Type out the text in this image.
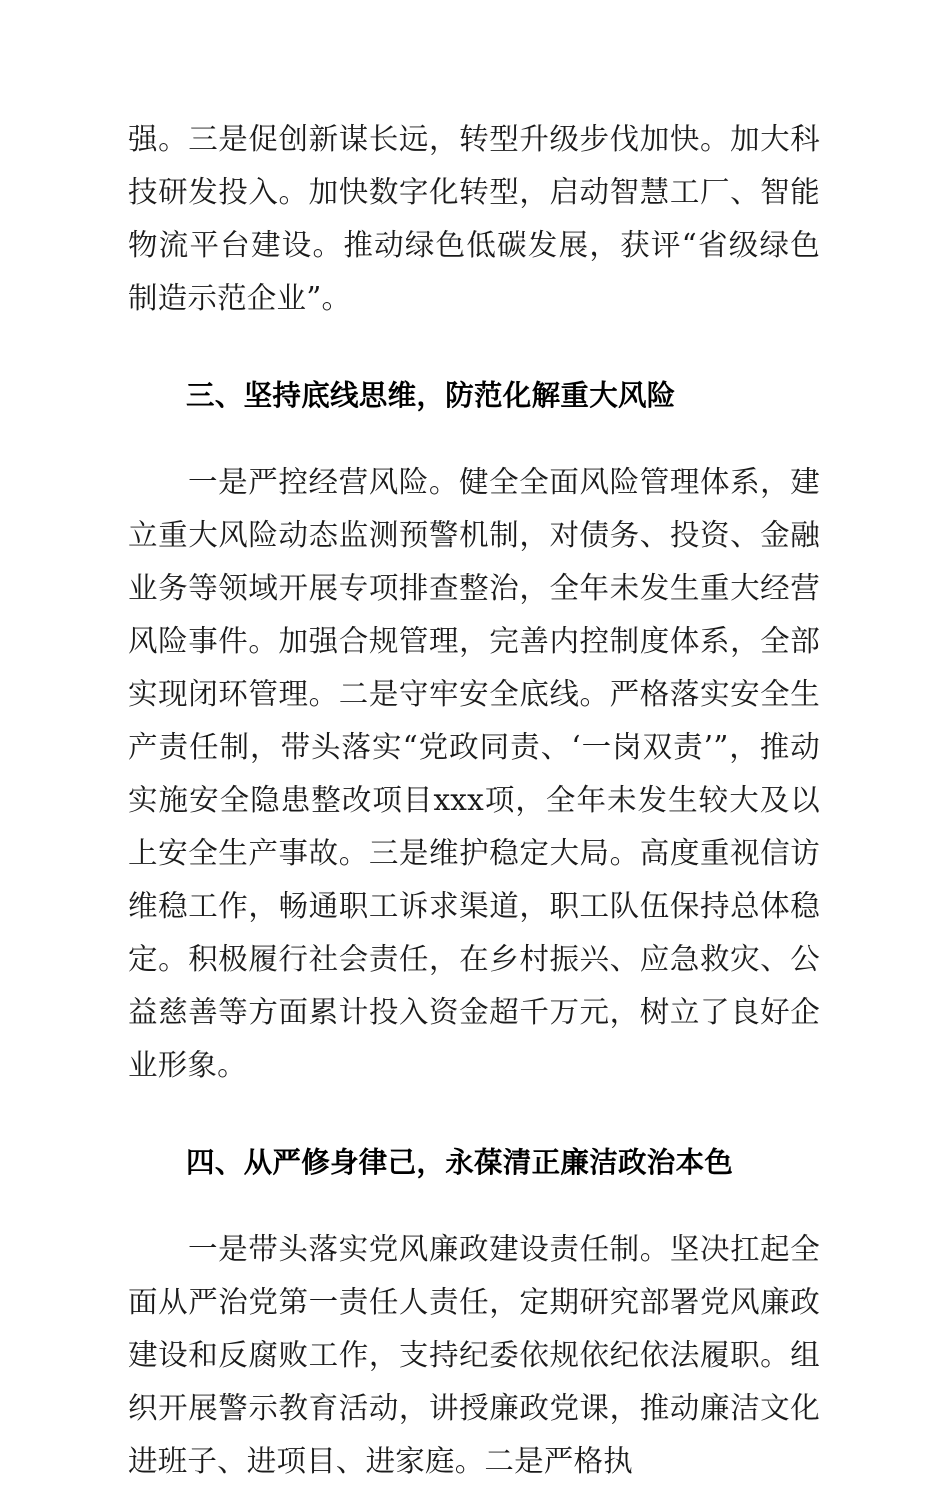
强。三是促创新谋长远，转型升级步伐加快。加大科技研发投入。加快数字化转型，启动智慧工厂、智能物流平台建设。推动绿色低碳发展，获评“省级绿色制造示范企业”。

三、坚持底线思维，防范化解重大风险

一是严控经营风险。健全全面风险管理体系，建立重大风险动态监测预警机制，对债务、投资、金融业务等领域开展专项排查整治，全年未发生重大经营风险事件。加强合规管理，完善内控制度体系，全部实现闭环管理。二是守牢安全底线。严格落实安全生产责任制，带头落实“党政同责、‘一岗双责’”，推动实施安全隐患整改项目xxx项，全年未发生较大及以上安全生产事故。三是维护稳定大局。高度重视信访维稳工作，畅通职工诉求渠道，职工队伍保持总体稳定。积极履行社会责任，在乡村振兴、应急救灾、公益慈善等方面累计投入资金超千万元，树立了良好企业形象。

四、从严修身律己，永葆清正廉洁政治本色

一是带头落实党风廉政建设责任制。坚决扛起全面从严治党第一责任人责任，定期研究部署党风廉政建设和反腐败工作，支持纪委依规依纪依法履职。组织开展警示教育活动，讲授廉政党课，推动廉洁文化进班子、进项目、进家庭。二是严格执
